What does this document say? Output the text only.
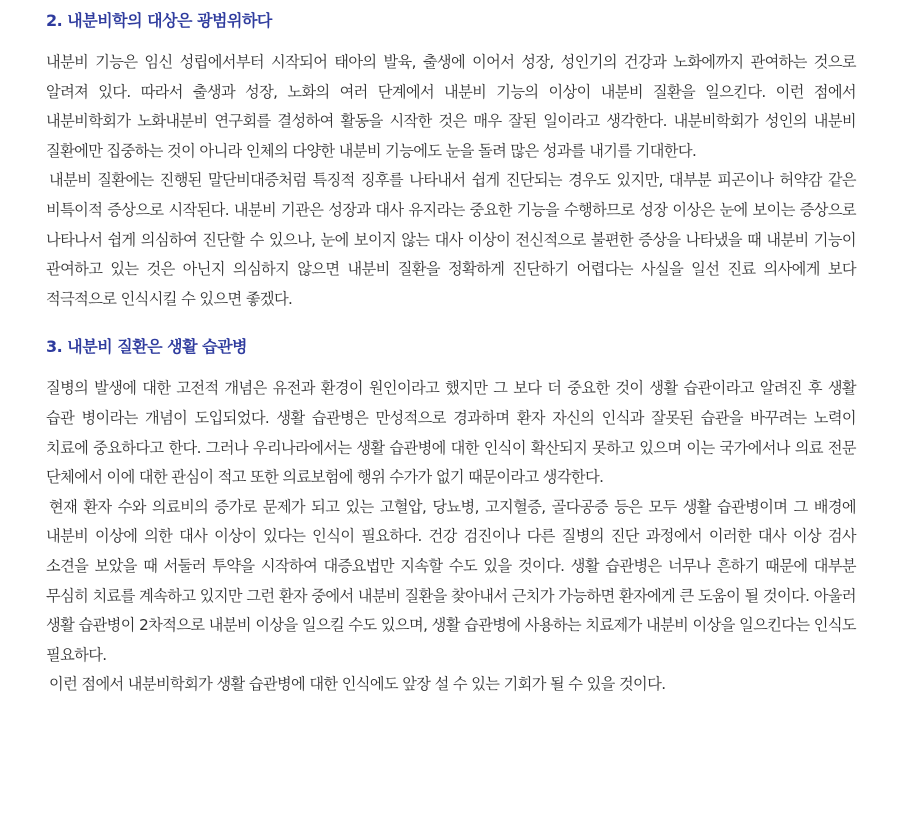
2. 내분비학의 대상은 광범위하다

내분비 기능은 임신 성립에서부터 시작되어 태아의 발육, 출생에 이어서 성장, 성인기의 건강과 노화에까지 관여하는 것으로 알려져 있다. 따라서 출생과 성장, 노화의 여러 단계에서 내분비 기능의 이상이 내분비 질환을 일으킨다. 이런 점에서 내분비학회가 노화내분비 연구회를 결성하여 활동을 시작한 것은 매우 잘된 일이라고 생각한다. 내분비학회가 성인의 내분비 질환에만 집중하는 것이 아니라 인체의 다양한 내분비 기능에도 눈을 돌려 많은 성과를 내기를 기대한다.

내분비 질환에는 진행된 말단비대증처럼 특징적 징후를 나타내서 쉽게 진단되는 경우도 있지만, 대부분 피곤이나 허약감 같은 비특이적 증상으로 시작된다. 내분비 기관은 성장과 대사 유지라는 중요한 기능을 수행하므로 성장 이상은 눈에 보이는 증상으로 나타나서 쉽게 의심하여 진단할 수 있으나, 눈에 보이지 않는 대사 이상이 전신적으로 불편한 증상을 나타냈을 때 내분비 기능이 관여하고 있는 것은 아닌지 의심하지 않으면 내분비 질환을 정확하게 진단하기 어렵다는 사실을 일선 진료 의사에게 보다 적극적으로 인식시킬 수 있으면 좋겠다.

3. 내분비 질환은 생활 습관병

질병의 발생에 대한 고전적 개념은 유전과 환경이 원인이라고 했지만 그 보다 더 중요한 것이 생활 습관이라고 알려진 후 생활 습관 병이라는 개념이 도입되었다. 생활 습관병은 만성적으로 경과하며 환자 자신의 인식과 잘못된 습관을 바꾸려는 노력이 치료에 중요하다고 한다. 그러나 우리나라에서는 생활 습관병에 대한 인식이 확산되지 못하고 있으며 이는 국가에서나 의료 전문 단체에서 이에 대한 관심이 적고 또한 의료보험에 행위 수가가 없기 때문이라고 생각한다.

현재 환자 수와 의료비의 증가로 문제가 되고 있는 고혈압, 당뇨병, 고지혈증, 골다공증 등은 모두 생활 습관병이며 그 배경에 내분비 이상에 의한 대사 이상이 있다는 인식이 필요하다. 건강 검진이나 다른 질병의 진단 과정에서 이러한 대사 이상 검사 소견을 보았을 때 서둘러 투약을 시작하여 대증요법만 지속할 수도 있을 것이다. 생활 습관병은 너무나 흔하기 때문에 대부분 무심히 치료를 계속하고 있지만 그런 환자 중에서 내분비 질환을 찾아내서 근치가 가능하면 환자에게 큰 도움이 될 것이다. 아울러 생활 습관병이 2차적으로 내분비 이상을 일으킬 수도 있으며, 생활 습관병에 사용하는 치료제가 내분비 이상을 일으킨다는 인식도 필요하다.

이런 점에서 내분비학회가 생활 습관병에 대한 인식에도 앞장 설 수 있는 기회가 될 수 있을 것이다.
